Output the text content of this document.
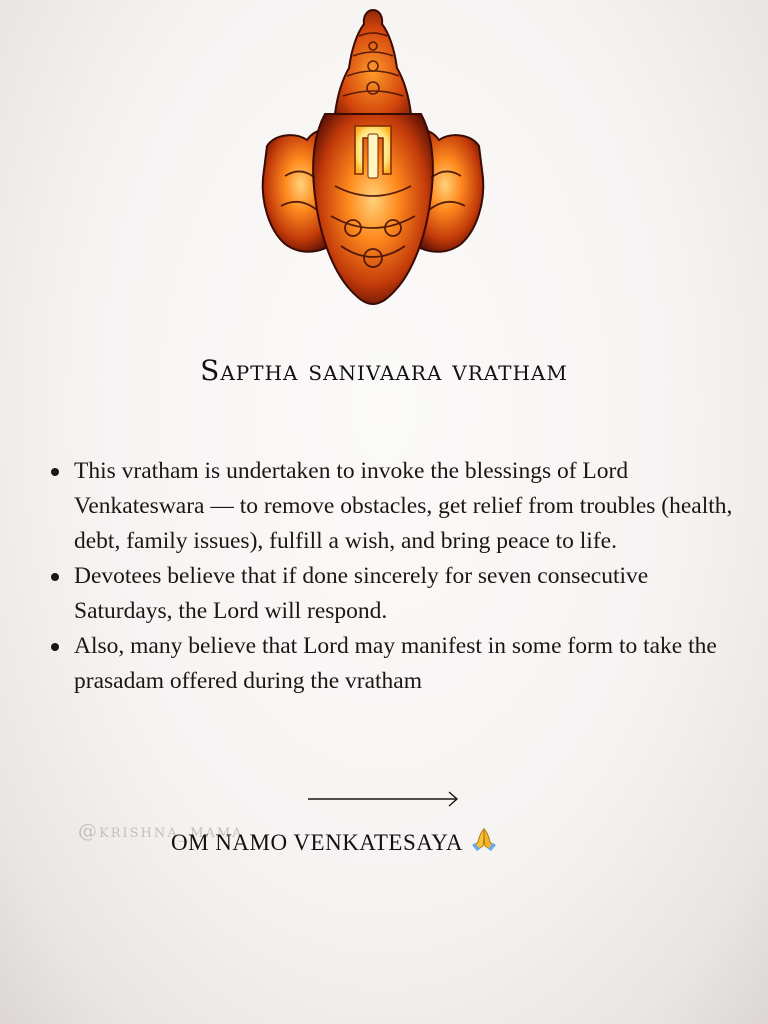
Saptha sanivaara vratham
This vratham is undertaken to invoke the blessings of Lord Venkateswara — to remove obstacles, get relief from troubles (health, debt, family issues), fulfill a wish, and bring peace to life.
Devotees believe that if done sincerely for seven consecutive Saturdays, the Lord will respond.
Also, many believe that Lord may manifest in some form to take the prasadam offered during the vratham
@krishna_mama
OM NAMO VENKATESAYA
